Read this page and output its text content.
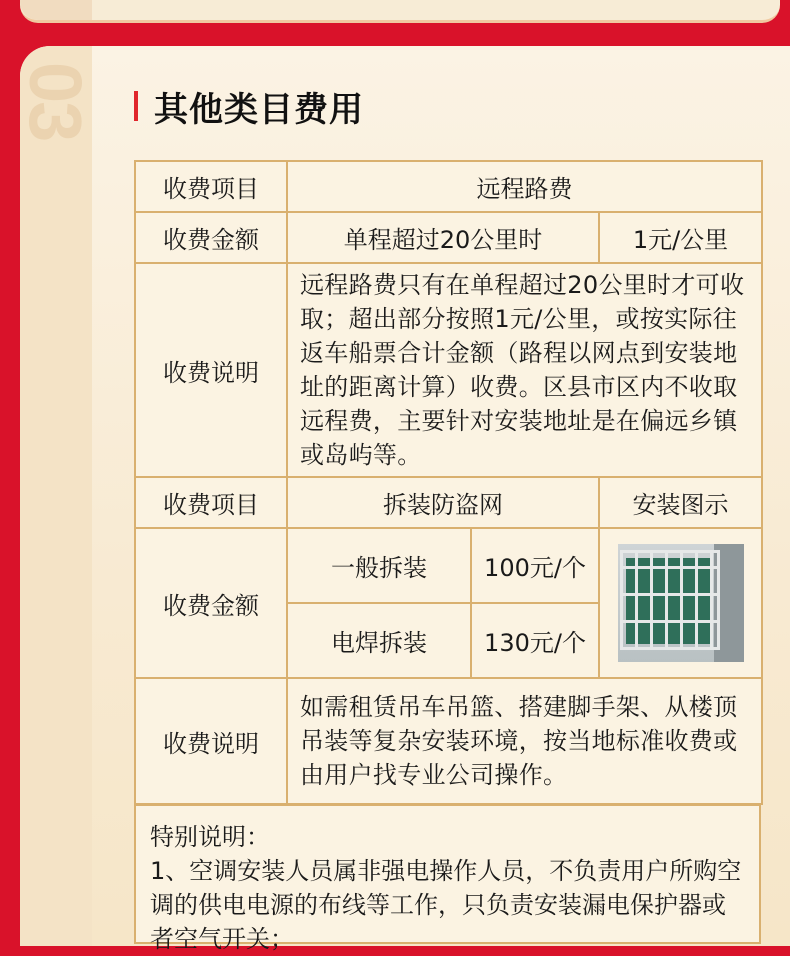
03 其他类目费用
收费项目	远程路费		
收费金额	单程超过20公里时		1元/公里
收费说明	远程路费只有在单程超过20公里时才可收取；超出部分按照1元/公里，或按实际往返车船票合计金额（路程以网点到安装地址的距离计算）收费。区县市区内不收取远程费，主要针对安装地址是在偏远乡镇或岛屿等。		
收费项目	拆装防盗网		安装图示
收费金额	一般拆装	100元/个	

	电焊拆装	130元/个	
收费说明	如需租赁吊车吊篮、搭建脚手架、从楼顶吊装等复杂安装环境，按当地标准收费或由用户找专业公司操作。		
特别说明：
1、空调安装人员属非强电操作人员，不负责用户所购空调的供电电源的布线等工作，只负责安装漏电保护器或者空气开关；
